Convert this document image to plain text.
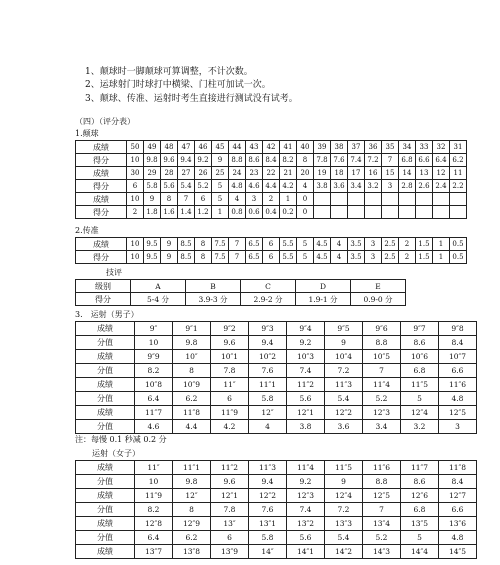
1、颠球时一脚颠球可算调整，不计次数。
2、运球射门时球打中横梁、门柱可加试一次。
3、颠球、传准、运射时考生直接进行测试没有试考。
（四）（评分表）
1.颠球
成绩	50	49	48	47	46	45	44	43	42	41	40	39	38	37	36	35	34	33	32	31
得分	10	9.8	9.6	9.4	9.2	9	8.8	8.6	8.4	8.2	8	7.8	7.6	7.4	7.2	7	6.8	6.6	6.4	6.2
成绩	30	29	28	27	26	25	24	23	22	21	20	19	18	17	16	15	14	13	12	11
得分	6	5.8	5.6	5.4	5.2	5	4.8	4.6	4.4	4.2	4	3.8	3.6	3.4	3.2	3	2.8	2.6	2.4	2.2
成绩	10	9	8	7	6	5	4	3	2	1	0									
得分	2	1.8	1.6	1.4	1.2	1	0.8	0.6	0.4	0.2	0									
2.传准
成绩	10	9.5	9	8.5	8	7.5	7	6.5	6	5.5	5	4.5	4	3.5	3	2.5	2	1.5	1	0.5
得分	10	9.5	9	8.5	8	7.5	7	6.5	6	5.5	5	4.5	4	3.5	3	2.5	2	1.5	1	0.5
技评
级别	A	B	C	D	E
得分	5-4 分	3.9-3 分	2.9-2 分	1.9-1 分	0.9-0 分
3.　运射（男子）
成绩	9″	9″1	9″2	9″3	9″4	9″5	9″6	9″7	9″8
分值	10	9.8	9.6	9.4	9.2	9	8.8	8.6	8.4
成绩	9″9	10″	10″1	10″2	10″3	10″4	10″5	10″6	10″7
分值	8.2	8	7.8	7.6	7.4	7.2	7	6.8	6.6
成绩	10″8	10″9	11″	11″1	11″2	11″3	11″4	11″5	11″6
分值	6.4	6.2	6	5.8	5.6	5.4	5.2	5	4.8
成绩	11″7	11″8	11″9	12″	12″1	12″2	12″3	12″4	12″5
分值	4.6	4.4	4.2	4	3.8	3.6	3.4	3.2	3
注：每慢 0.1 秒减 0.2 分
运射（女子）
成绩	11″	11″1	11″2	11″3	11″4	11″5	11″6	11″7	11″8
分值	10	9.8	9.6	9.4	9.2	9	8.8	8.6	8.4
成绩	11″9	12″	12″1	12″2	12″3	12″4	12″5	12″6	12″7
分值	8.2	8	7.8	7.6	7.4	7.2	7	6.8	6.6
成绩	12″8	12″9	13″	13″1	13″2	13″3	13″4	13″5	13″6
分值	6.4	6.2	6	5.8	5.6	5.4	5.2	5	4.8
成绩	13″7	13″8	13″9	14″	14″1	14″2	14″3	14″4	14″5
